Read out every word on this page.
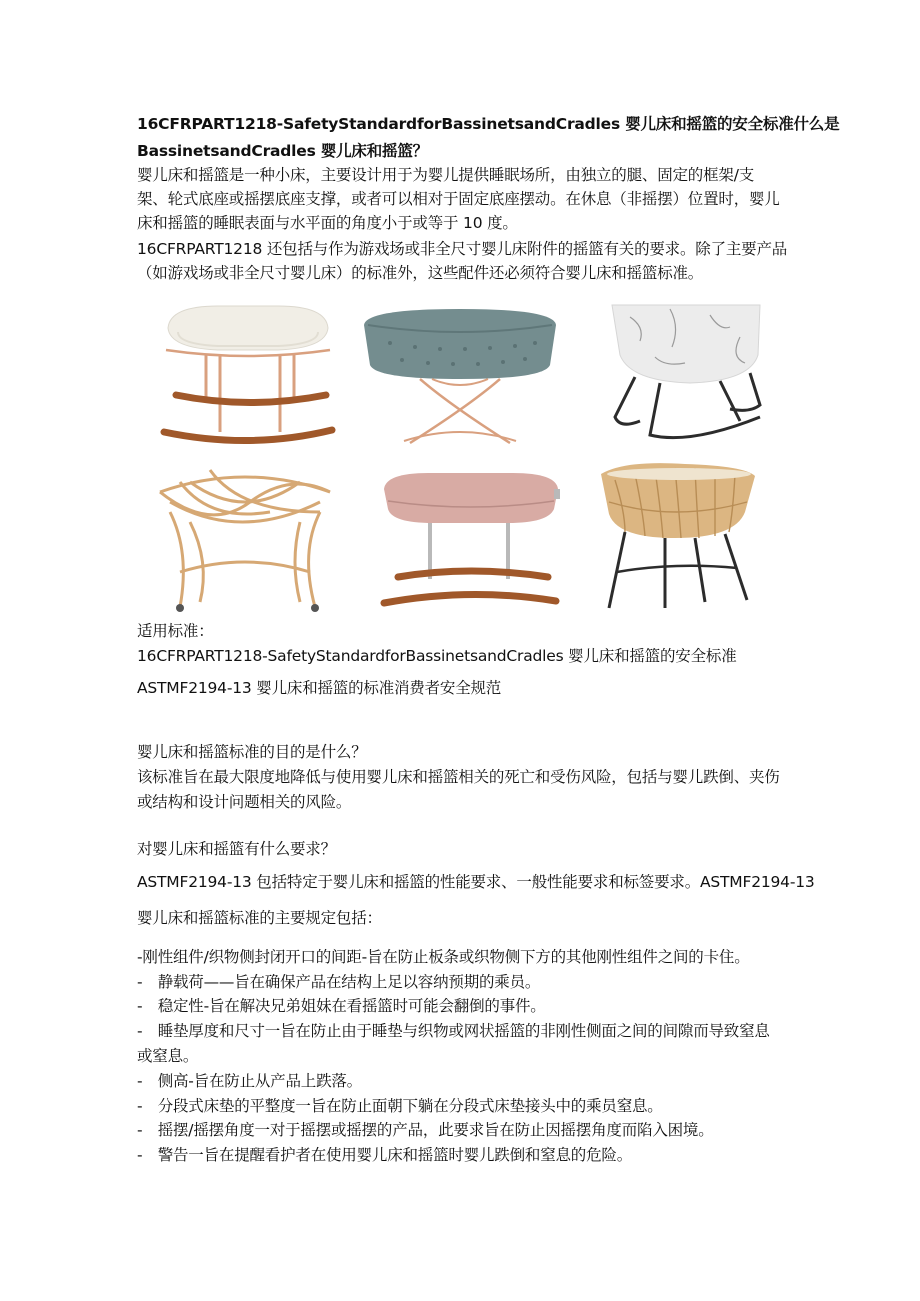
16CFRPART1218-SafetyStandardforBassinetsandCradles 婴儿床和摇篮的安全标准什么是
BassinetsandCradles 婴儿床和摇篮？
婴儿床和摇篮是一种小床，主要设计用于为婴儿提供睡眠场所，由独立的腿、固定的框架/支
架、轮式底座或摇摆底座支撑，或者可以相对于固定底座摆动。在休息（非摇摆）位置时，婴儿
床和摇篮的睡眠表面与水平面的角度小于或等于 10 度。
16CFRPART1218 还包括与作为游戏场或非全尺寸婴儿床附件的摇篮有关的要求。除了主要产品
（如游戏场或非全尺寸婴儿床）的标准外，这些配件还必须符合婴儿床和摇篮标准。
适用标准：
16CFRPART1218-SafetyStandardforBassinetsandCradles 婴儿床和摇篮的安全标准
ASTMF2194-13 婴儿床和摇篮的标准消费者安全规范
婴儿床和摇篮标准的目的是什么？
该标准旨在最大限度地降低与使用婴儿床和摇篮相关的死亡和受伤风险，包括与婴儿跌倒、夹伤
或结构和设计问题相关的风险。
对婴儿床和摇篮有什么要求？
ASTMF2194-13 包括特定于婴儿床和摇篮的性能要求、一般性能要求和标签要求。ASTMF2194-13
婴儿床和摇篮标准的主要规定包括：
-刚性组件/织物侧封闭开口的间距-旨在防止板条或织物侧下方的其他刚性组件之间的卡住。
-　静载荷——旨在确保产品在结构上足以容纳预期的乘员。
-　稳定性-旨在解决兄弟姐妹在看摇篮时可能会翻倒的事件。
-　睡垫厚度和尺寸一旨在防止由于睡垫与织物或网状摇篮的非刚性侧面之间的间隙而导致窒息
或窒息。
-　侧高-旨在防止从产品上跌落。
-　分段式床垫的平整度一旨在防止面朝下躺在分段式床垫接头中的乘员窒息。
-　摇摆/摇摆角度一对于摇摆或摇摆的产品，此要求旨在防止因摇摆角度而陷入困境。
-　警告一旨在提醒看护者在使用婴儿床和摇篮时婴儿跌倒和窒息的危险。
